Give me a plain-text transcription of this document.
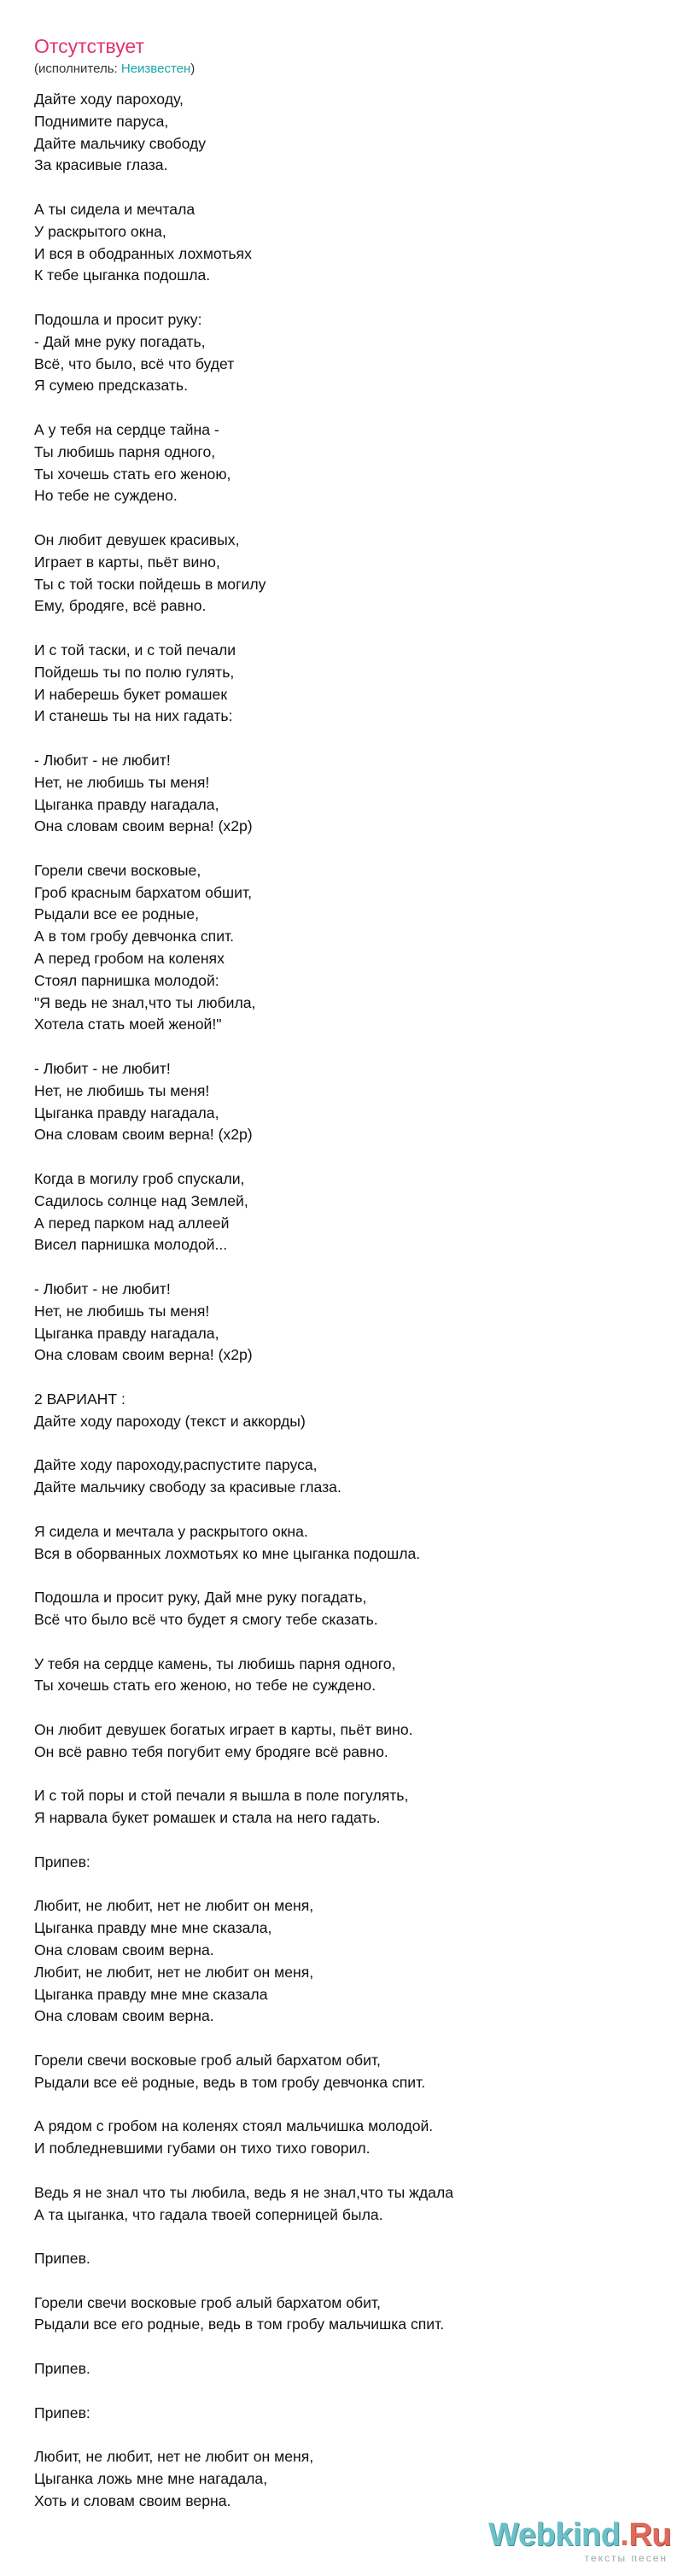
Отсутствует
(исполнитель: Неизвестен)
Дайте ходу пароходу,
Поднимите паруса,
Дайте мальчику свободу
За красивые глаза.

А ты сидела и мечтала
У раскрытого окна,
И вся в ободранных лохмотьях
К тебе цыганка подошла.

Подошла и просит руку:
- Дай мне руку погадать,
Всё, что было, всё что будет
Я сумею предсказать.

А у тебя на сердце тайна -
Ты любишь парня одного,
Ты хочешь стать его женою,
Но тебе не суждено.

Он любит девушек красивых,
Играет в карты, пьёт вино,
Ты с той тoски пойдешь в могилу
Ему, бродяге, всё равно.

И с той тaски, и с той печали
Пойдешь ты по полю гулять,
И наберешь букет ромашек
И станешь ты на них гадать:

- Любит - не любит!
Нет, не любишь ты меня!
Цыганка правду нагадала,
Она словам своим верна! (х2р)

Горели свечи восковые,
Гроб красным бархатом обшит,
Рыдали все ее родные,
А в том гробу девчонка спит.
А перед гробом на коленях
Стоял парнишка молодой:
"Я ведь не знал,что ты любила,
Хотела стать моей женой!"

- Любит - не любит!
Нет, не любишь ты меня!
Цыганка правду нагадала,
Она словам своим верна! (х2р)

Когда в могилу гроб спускали,
Садилось солнце над Землей,
А перед парком над аллеей
Висел парнишка молодой...

- Любит - не любит!
Нет, не любишь ты меня!
Цыганка правду нагадала,
Она словам своим верна! (х2р)

2 ВАРИАНТ :
Дайте ходу пароходу (текст и аккорды)

Дайте ходу пароходу,распустите паруса,
Дайте мальчику свободу за красивые глаза.

Я сидела и мечтала у раскрытого окна.
Вся в оборванных лохмотьях ко мне цыганка подошла.

Подошла и просит руку, Дай мне руку погадать,
Всё что было всё что будет я смогу тебе сказать.

У тебя на сердце камень, ты любишь парня одного,
Ты хочешь стать его женою, но тебе не суждено.

Он любит девушек богатых играет в карты, пьёт вино.
Он всё равно тебя погубит ему бродяге всё равно.

И с той поры и стой печали я вышла в поле погулять,
Я нарвала букет ромашек и стала на него гадать.

Припев:

Любит, не любит, нет не любит он меня,
Цыганка правду мне мне сказала,
Она словам своим верна.
Любит, не любит, нет не любит он меня,
Цыганка правду мне мне сказала
Она словам своим верна.

Горели свечи восковые гроб алый бархатом обит,
Рыдали все её родные, ведь в том гробу девчонка спит.

А рядом с гробом на коленях стоял мальчишка молодой.
И побледневшими губами он тихо тихо говорил.

Ведь я не знал что ты любила, ведь я не знал,что ты ждала
А та цыганка, что гадала твоей соперницей была.

Припев.

Горели свечи восковые гроб алый бархатом обит,
Рыдали все его родные, ведь в том гробу мальчишка спит.

Припев.

Припев:

Любит, не любит, нет не любит он меня,
Цыганка ложь мне мне нагадала,
Хоть и словам своим верна.
Webkind.Ru
тексты песен
